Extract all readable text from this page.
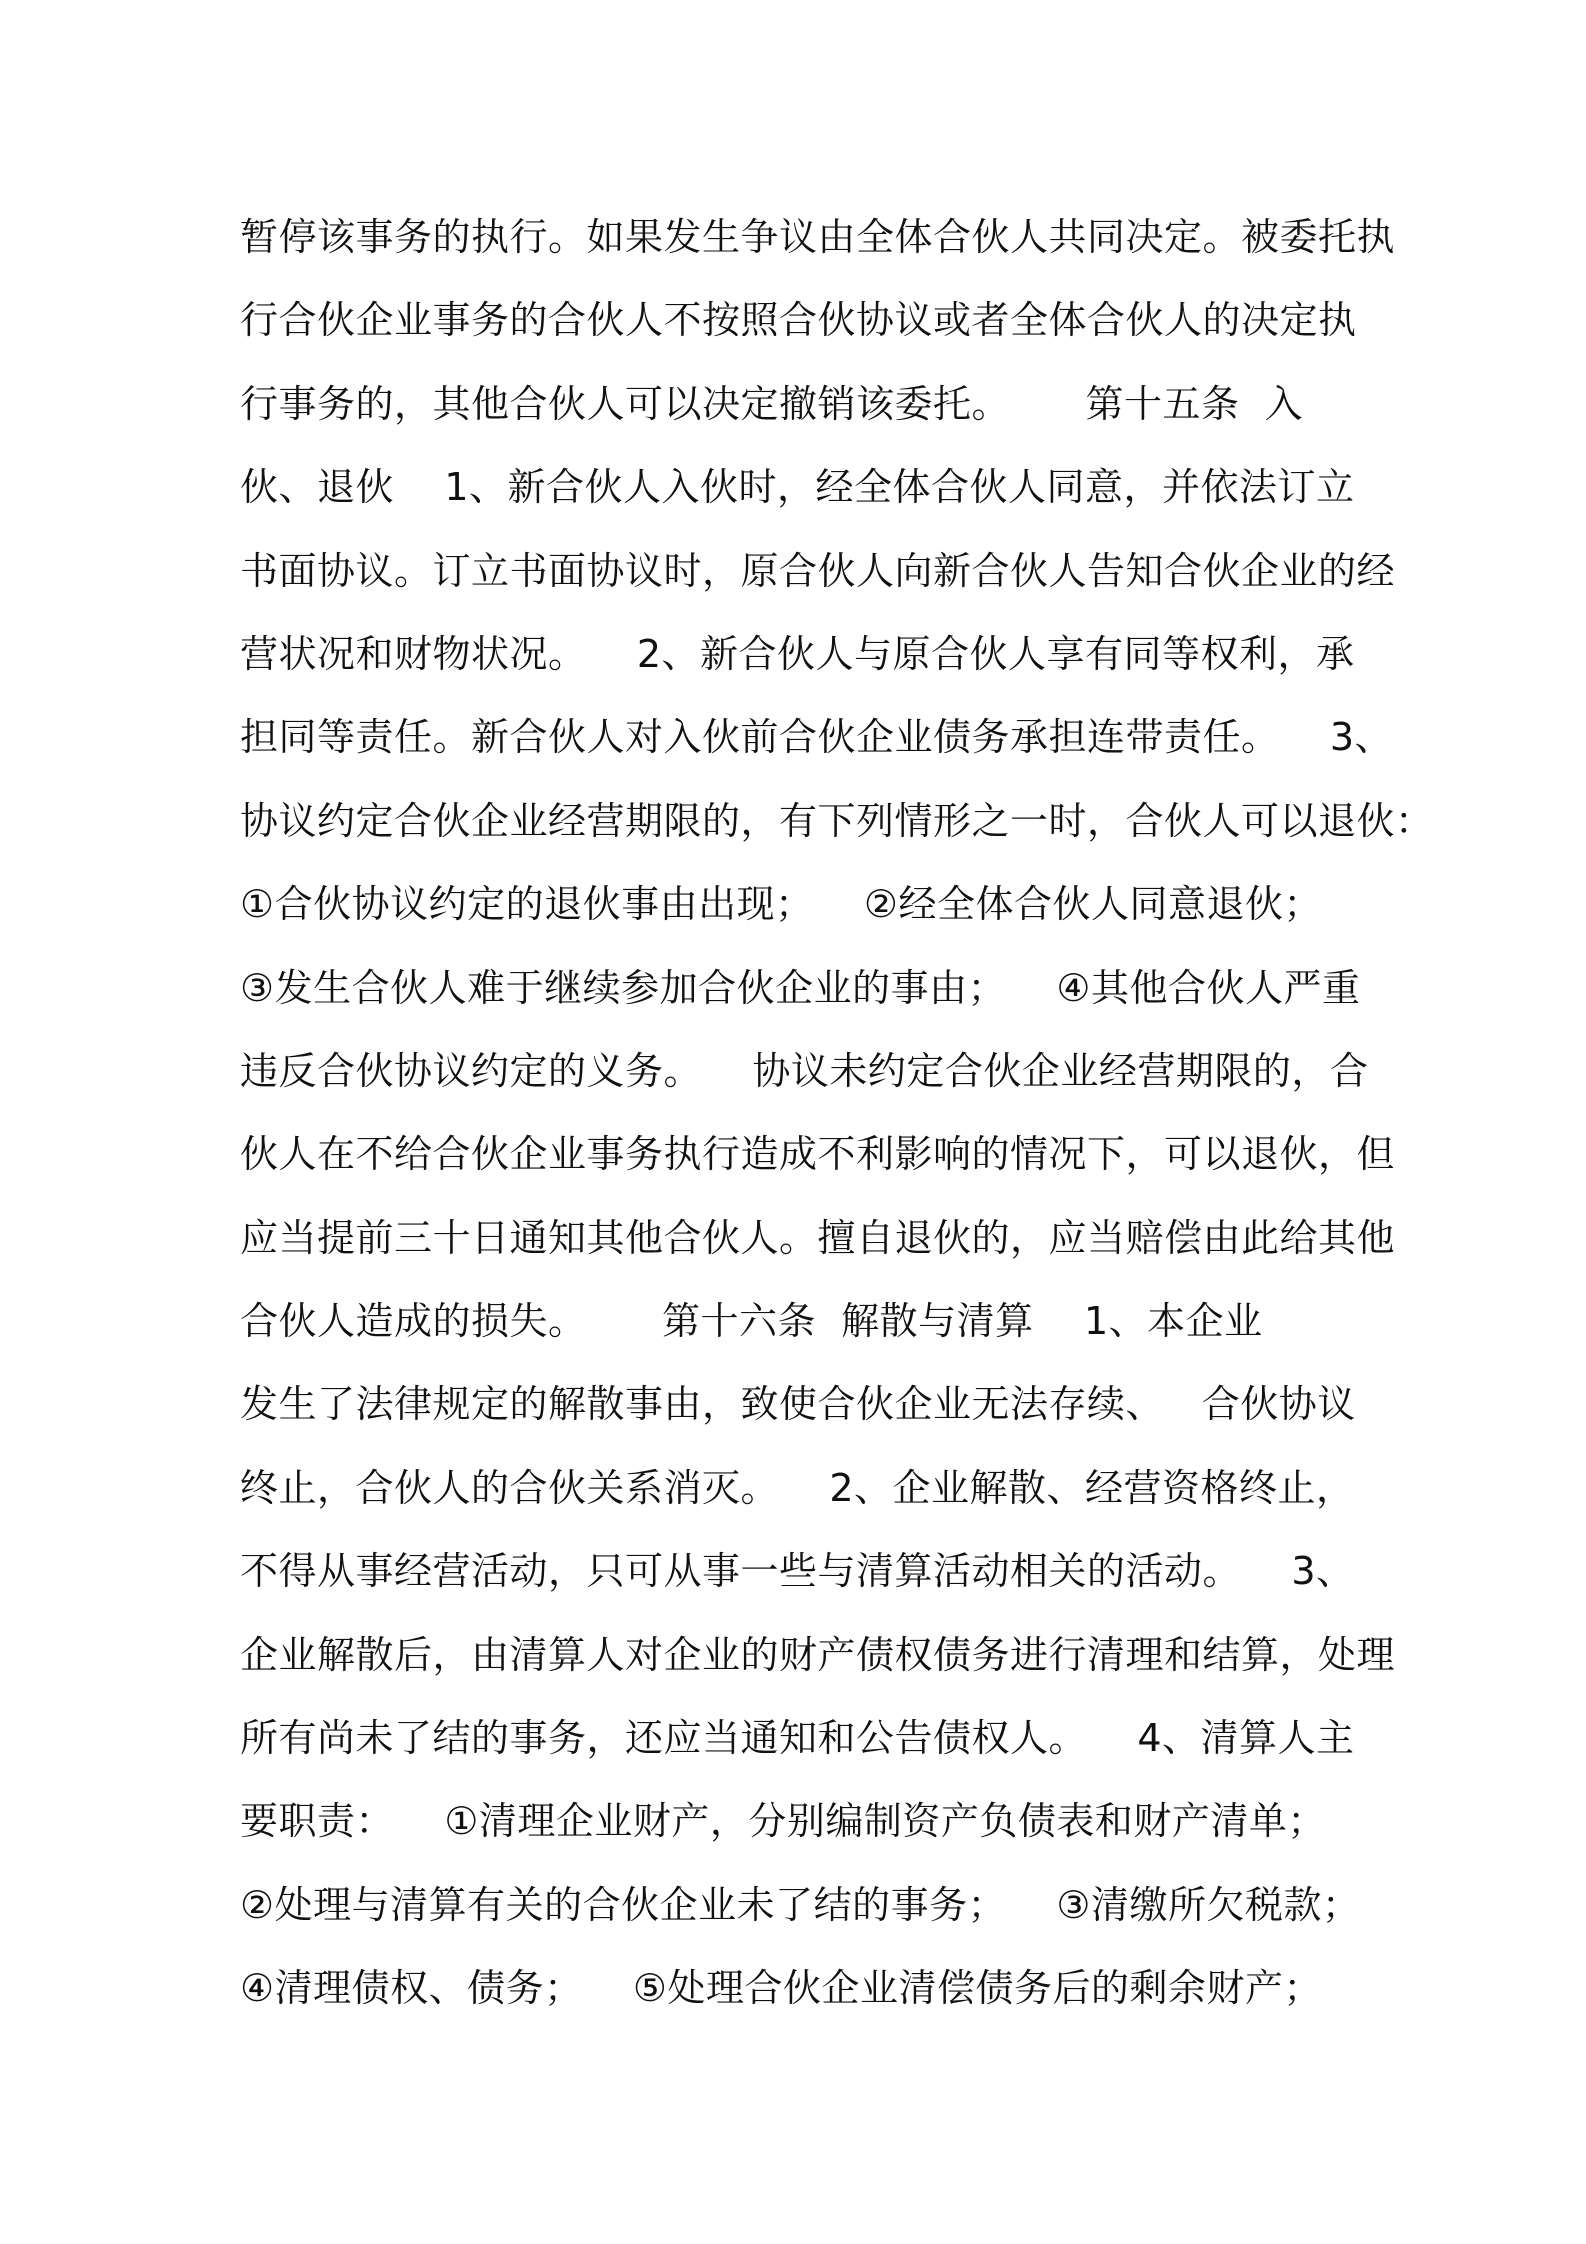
暂停该事务的执行。如果发生争议由全体合伙人共同决定。被委托执
行合伙企业事务的合伙人不按照合伙协议或者全体合伙人的决定执
行事务的，其他合伙人可以决定撤销该委托。      第十五条  入
伙、退伙    1、新合伙人入伙时，经全体合伙人同意，并依法订立
书面协议。订立书面协议时，原合伙人向新合伙人告知合伙企业的经
营状况和财物状况。    2、新合伙人与原合伙人享有同等权利，承
担同等责任。新合伙人对入伙前合伙企业债务承担连带责任。    3、
协议约定合伙企业经营期限的，有下列情形之一时，合伙人可以退伙：
①合伙协议约定的退伙事由出现；    ②经全体合伙人同意退伙；
③发生合伙人难于继续参加合伙企业的事由；    ④其他合伙人严重
违反合伙协议约定的义务。    协议未约定合伙企业经营期限的，合
伙人在不给合伙企业事务执行造成不利影响的情况下，可以退伙，但
应当提前三十日通知其他合伙人。擅自退伙的，应当赔偿由此给其他
合伙人造成的损失。      第十六条  解散与清算    1、本企业
发生了法律规定的解散事由，致使合伙企业无法存续、   合伙协议
终止，合伙人的合伙关系消灭。    2、企业解散、经营资格终止，
不得从事经营活动，只可从事一些与清算活动相关的活动。    3、
企业解散后，由清算人对企业的财产债权债务进行清理和结算，处理
所有尚未了结的事务，还应当通知和公告债权人。    4、清算人主
要职责：    ①清理企业财产，分别编制资产负债表和财产清单；
②处理与清算有关的合伙企业未了结的事务；    ③清缴所欠税款；
④清理债权、债务；    ⑤处理合伙企业清偿债务后的剩余财产；
